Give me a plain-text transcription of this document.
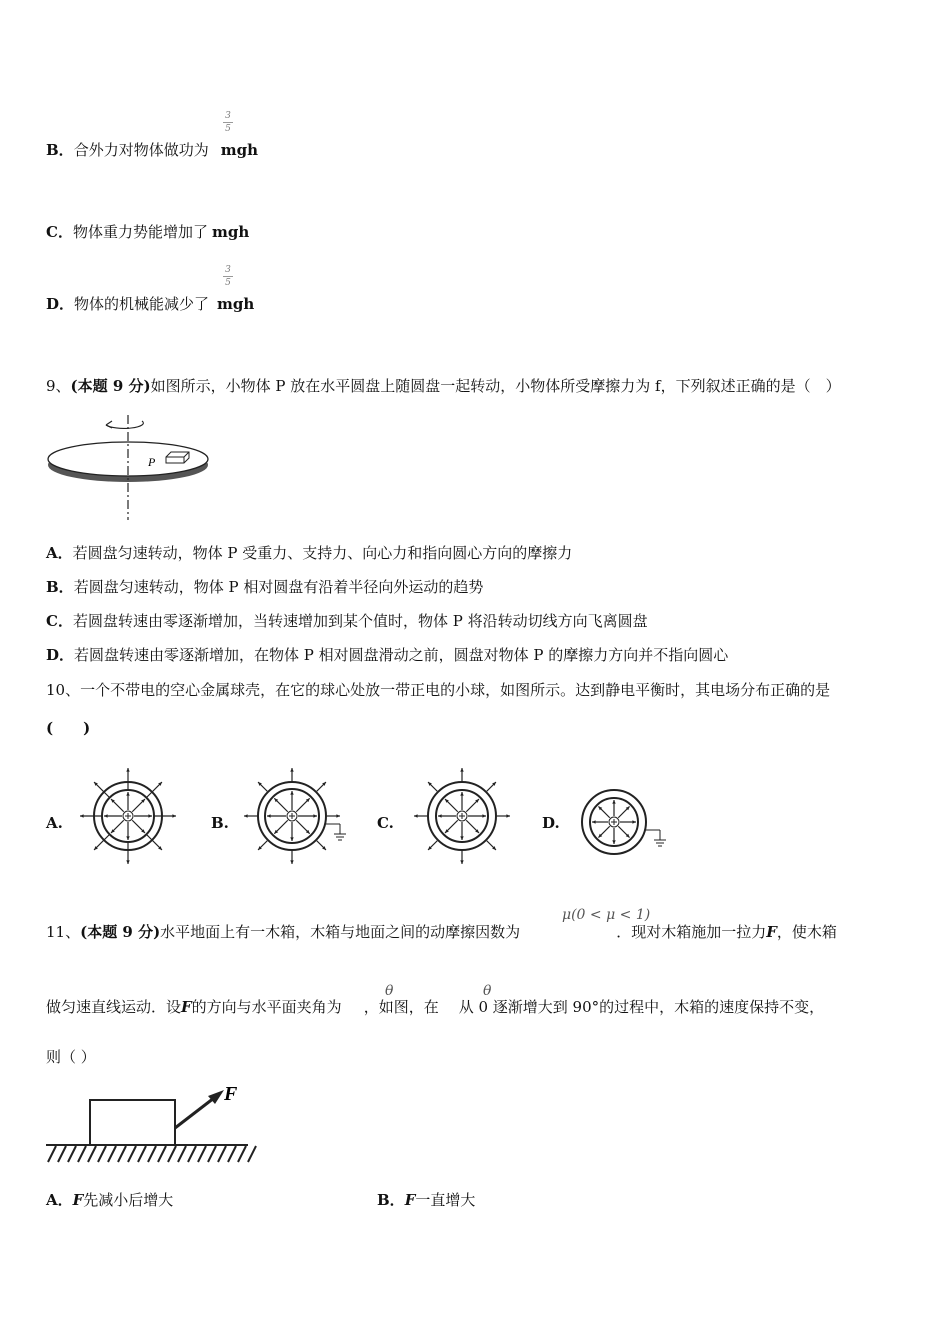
3
5
B．合外力对物体做功为 mgh
C．物体重力势能增加了 mgh
3
5
D．物体的机械能减少了 mgh
9、(本题 9 分)如图所示，小物体 P 放在水平圆盘上随圆盘一起转动，小物体所受摩擦力为 f，下列叙述正确的是（　）
P
A．若圆盘匀速转动，物体 P 受重力、支持力、向心力和指向圆心方向的摩擦力
B．若圆盘匀速转动，物体 P 相对圆盘有沿着半径向外运动的趋势
C．若圆盘转速由零逐渐增加，当转速增加到某个值时，物体 P 将沿转动切线方向飞离圆盘
D．若圆盘转速由零逐渐增加，在物体 P 相对圆盘滑动之前，圆盘对物体 P 的摩擦力方向并不指向圆心
10、一个不带电的空心金属球壳，在它的球心处放一带正电的小球，如图所示。达到静电平衡时，其电场分布正确的是
(　　)
A.	B.	C.	D.
11、(本题 9 分)水平地面上有一木箱，木箱与地面之间的动摩擦因数为	．现对木箱施加一拉力F，使木箱
μ(0 < μ < 1)
做匀速直线运动．设F的方向与水平面夹角为 ，如图，在 从 0 逐渐增大到 90°的过程中，木箱的速度保持不变，
θ	θ
则（ ）
F
A．F先减小后增大	B．F一直增大
